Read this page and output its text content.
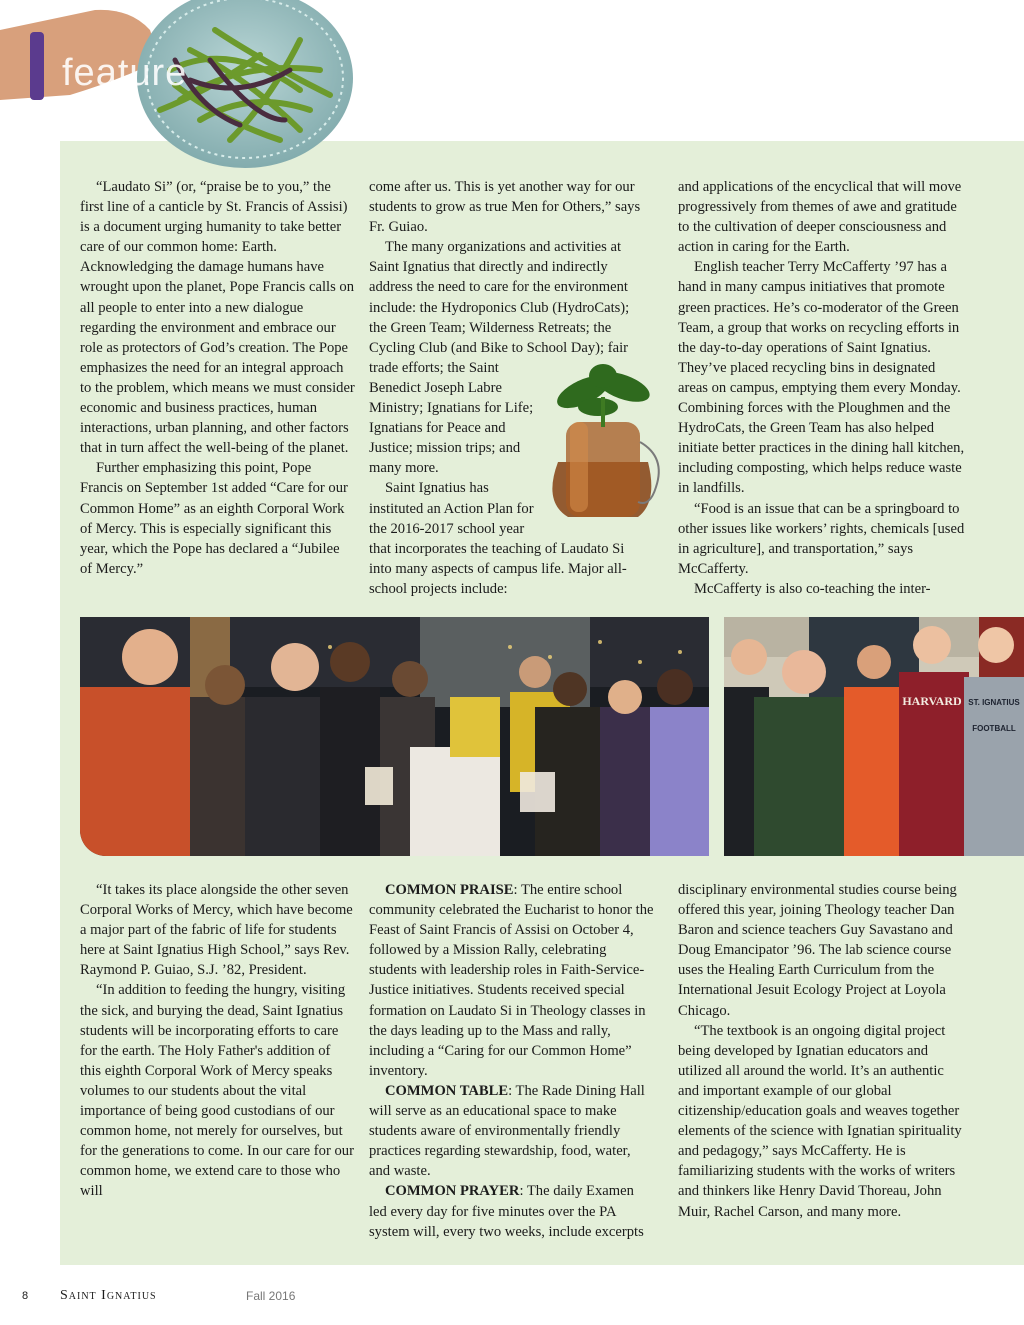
feature

“Laudato Si” (or, “praise be to you,” the first line of a canticle by St. Francis of Assisi) is a document urging humanity to take better care of our common home: Earth. Acknowledging the damage humans have wrought upon the planet, Pope Francis calls on all people to enter into a new dialogue regarding the environment and embrace our role as protectors of God’s creation. The Pope emphasizes the need for an integral approach to the problem, which means we must consider economic and business practices, human interactions, urban planning, and other factors that in turn affect the well-being of the planet.

Further emphasizing this point, Pope Francis on September 1st added “Care for our Common Home” as an eighth Corporal Work of Mercy. This is especially significant this year, which the Pope has declared a “Jubilee of Mercy.”

come after us. This is yet another way for our students to grow as true Men for Others,” says Fr. Guiao.

The many organizations and activities at Saint Ignatius that directly and indirectly address the need to care for the environment include: the Hydroponics Club (HydroCats); the Green Team; Wilderness Retreats; the Cycling Club (and Bike to School Day); fair trade efforts; the Saint

Benedict Joseph Labre Ministry; Ignatians for Life; Ignatians for Peace and Justice; mission trips; and many more.

Saint Ignatius has instituted an Action Plan for the 2016-2017 school year

that incorporates the teaching of Laudato Si into many aspects of campus life. Major all-school projects include:

and applications of the encyclical that will move progressively from themes of awe and gratitude to the cultivation of deeper consciousness and action in caring for the Earth.

English teacher Terry McCafferty ’97 has a hand in many campus initiatives that promote green practices. He’s co-moderator of the Green Team, a group that works on recycling efforts in the day-to-day operations of Saint Ignatius. They’ve placed recycling bins in designated areas on campus, emptying them every Monday. Combining forces with the Ploughmen and the HydroCats, the Green Team has also helped initiate better practices in the dining hall kitchen, including composting, which helps reduce waste in landfills.

“Food is an issue that can be a springboard to other issues like workers’ rights, chemicals [used in agriculture], and transportation,” says McCafferty.

McCafferty is also co-teaching the inter-

ST. IGNATIUS
FOOTBALL
HARVARD

“It takes its place alongside the other seven Corporal Works of Mercy, which have become a major part of the fabric of life for students here at Saint Ignatius High School,” says Rev. Raymond P. Guiao, S.J. ’82, President.

“In addition to feeding the hungry, visiting the sick, and burying the dead, Saint Ignatius students will be incorporating efforts to care for the earth. The Holy Father's addition of this eighth Corporal Work of Mercy speaks volumes to our students about the vital importance of being good custodians of our common home, not merely for ourselves, but for the generations to come. In our care for our common home, we extend care to those who will

COMMON PRAISE: The entire school community celebrated the Eucharist to honor the Feast of Saint Francis of Assisi on October 4, followed by a Mission Rally, celebrating students with leadership roles in Faith-Service-Justice initiatives. Students received special formation on Laudato Si in Theology classes in the days leading up to the Mass and rally, including a “Caring for our Common Home” inventory.

COMMON TABLE: The Rade Dining Hall will serve as an educational space to make students aware of environmentally friendly practices regarding stewardship, food, water, and waste.

COMMON PRAYER: The daily Examen led every day for five minutes over the PA system will, every two weeks, include excerpts

disciplinary environmental studies course being offered this year, joining Theology teacher Dan Baron and science teachers Guy Savastano and Doug Emancipator ’96. The lab science course uses the Healing Earth Curriculum from the International Jesuit Ecology Project at Loyola Chicago.

“The textbook is an ongoing digital project being developed by Ignatian educators and utilized all around the world. It’s an authentic and important example of our global citizenship/education goals and weaves together elements of the science with Ignatian spirituality and pedagogy,” says McCafferty. He is familiarizing students with the works of writers and thinkers like Henry David Thoreau, John Muir, Rachel Carson, and many more.

8 Saint Ignatius	Fall 2016
